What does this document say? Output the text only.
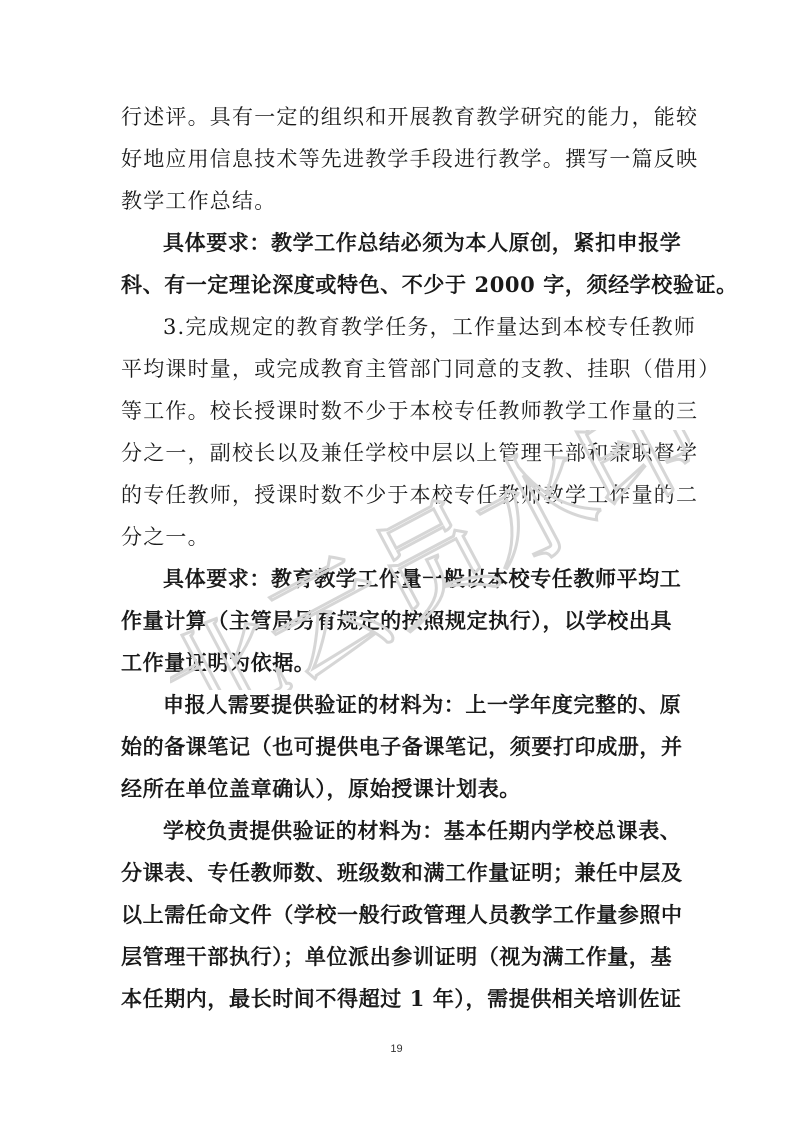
行述评。具有一定的组织和开展教育教学研究的能力，能较
好地应用信息技术等先进教学手段进行教学。撰写一篇反映
教学工作总结。
具体要求：教学工作总结必须为本人原创，紧扣申报学
科、有一定理论深度或特色、不少于 2000 字，须经学校验证。
3.完成规定的教育教学任务，工作量达到本校专任教师
平均课时量，或完成教育主管部门同意的支教、挂职（借用）
等工作。校长授课时数不少于本校专任教师教学工作量的三
分之一，副校长以及兼任学校中层以上管理干部和兼职督学
的专任教师，授课时数不少于本校专任教师教学工作量的二
分之一。
具体要求：教育教学工作量一般以本校专任教师平均工
作量计算（主管局另有规定的按照规定执行），以学校出具
工作量证明为依据。
申报人需要提供验证的材料为：上一学年度完整的、原
始的备课笔记（也可提供电子备课笔记，须要打印成册，并
经所在单位盖章确认），原始授课计划表。
学校负责提供验证的材料为：基本任期内学校总课表、
分课表、专任教师数、班级数和满工作量证明；兼任中层及
以上需任命文件（学校一般行政管理人员教学工作量参照中
层管理干部执行）；单位派出参训证明（视为满工作量，基
本任期内，最长时间不得超过 1 年），需提供相关培训佐证
北云员水印
19
